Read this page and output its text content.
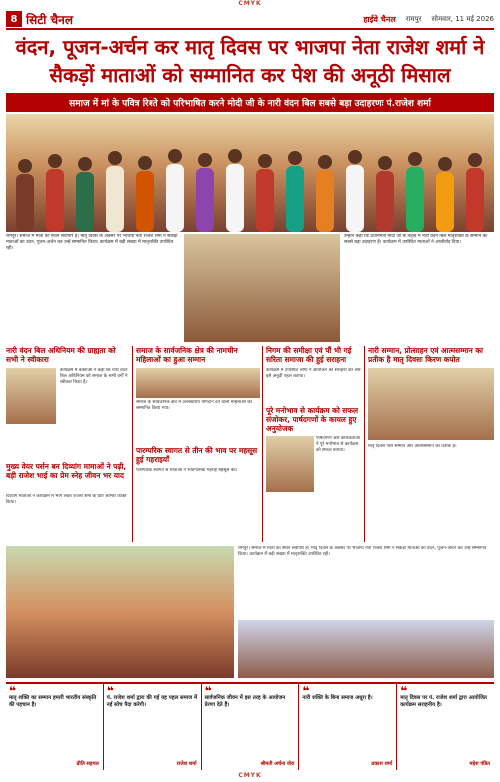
CMYK
8 सिटी चैनल	हाईवे चैनल रामपुर सोमवार, 11 मई 2026
वंदन, पूजन-अर्चन कर मातृ दिवस पर भाजपा नेता राजेश शर्मा ने
सैकड़ों माताओं को सम्मानित कर पेश की अनूठी मिसाल
समाज में मां के पवित्र रिश्ते को परिभाषित करने मोदी जी के नारी वंदन बिल सबसे बड़ा उदाहरणः पं.राजेश शर्मा
रामपुर। समाज में माता का स्थान सर्वोपरि है। मातृ दिवस के अवसर पर भाजपा नेता राजेश शर्मा ने सैकड़ों माताओं का वंदन, पूजन-अर्चन कर उन्हें सम्मानित किया। कार्यक्रम में बड़ी संख्या में मातृशक्ति उपस्थित रही।
उन्होंने कहा कि प्रधानमंत्री मोदी जी के नेतृत्व में नारी वंदन बिल मातृशक्ति के सम्मान का सबसे बड़ा उदाहरण है। कार्यक्रम में उपस्थित माताओं ने आशीर्वाद दिया।
नारी वंदन बिल अधिनियम की ग्राह्यता को सभी ने स्वीकारा
कार्यक्रम में वक्ताओं ने कहा कि नारी वंदन बिल अधिनियम को समाज के सभी वर्गों ने स्वीकार किया है।
मुख्य वेयर पर्सन बन दिव्यांग मामाओं ने पढ़ी, बड़ी राजेश भाई का प्रेम स्नेह जीवन भर याद
दिव्यांग माताओं ने कार्यक्रम में भाग लेकर राजेश शर्मा के प्रति आभार व्यक्त किया।
समाज के सार्वजनिक क्षेत्र की नामचीन महिलाओं का हुआ सम्मान
समाज के सार्वजनिक क्षेत्र में उल्लेखनीय योगदान देने वाली महिलाओं को सम्मानित किया गया।
पारम्परिक स्वागत से तीन की भाव पर महसूस हुई गहराइयाँ
पारम्परिक स्वागत से माताओं ने भावनात्मक गहराई महसूस की।
निगम की समीक्षा एवं पौं भी गई सरिता समाजा की हुई सराहना
कार्यक्रम में उपस्थित लोगों ने आयोजन की सराहना की और इसे अनूठी पहल बताया।
पूरे मनोभाव से कार्यक्रम को सफल संजोकर, पार्षदगणों के कायल हुए अनुयोजक
पार्षदगणों और कार्यकर्ताओं ने पूरे मनोभाव से कार्यक्रम को सफल बनाया।
नारी सम्मान, प्रोत्साहन एवं आत्मसम्मान का प्रतीक है मातृ दिवसः किरण कपोत
मातृ दिवस नारी सम्मान और आत्मसम्मान का प्रतीक है।
रामपुर। समाज में माता का स्थान सर्वोपरि है। मातृ दिवस के अवसर पर भाजपा नेता राजेश शर्मा ने सैकड़ों माताओं का वंदन, पूजन-अर्चन कर उन्हें सम्मानित किया। कार्यक्रम में बड़ी संख्या में मातृशक्ति उपस्थित रही।
❝
मातृ शक्ति का सम्मान हमारी भारतीय संस्कृति की पहचान है।
प्रीति सहगल
❝
पं. राजेश शर्मा द्वारा की गई यह पहल समाज में नई सोच पैदा करेगी।
राजेश शर्मा
❝
सार्वजनिक जीवन में इस तरह के आयोजन प्रेरणा देते हैं।
श्रीमती अर्चना वोरा
❝
नारी शक्ति के बिना समाज अधूरा है।
प्रकाश शर्मा
❝
मातृ दिवस पर पं. राजेश शर्मा द्वारा आयोजित कार्यक्रम सराहनीय है।
महेश पंडित
CMYK
